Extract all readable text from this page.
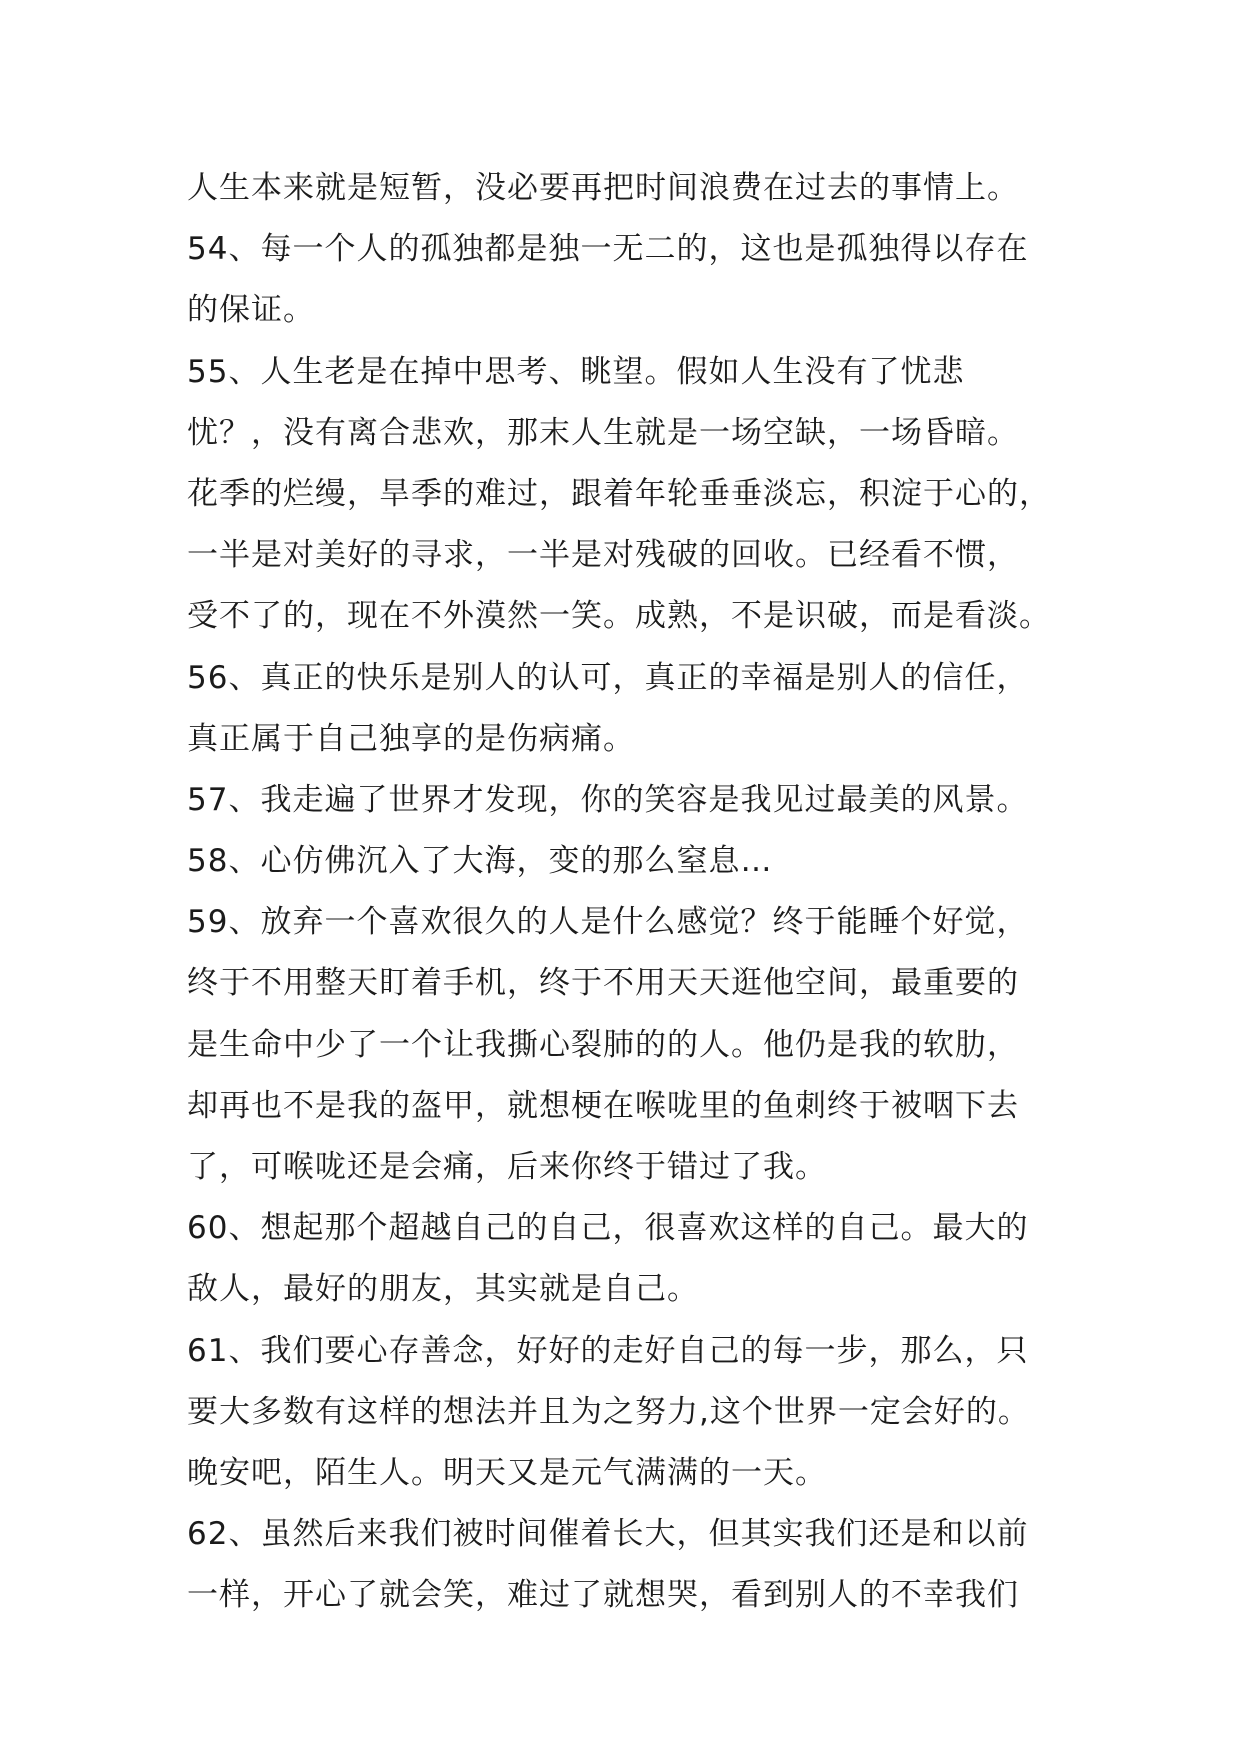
人生本来就是短暂，没必要再把时间浪费在过去的事情上。
54、每一个人的孤独都是独一无二的，这也是孤独得以存在
的保证。
55、人生老是在掉中思考、眺望。假如人生没有了忧悲
忧？，没有离合悲欢，那末人生就是一场空缺，一场昏暗。
花季的烂缦，旱季的难过，跟着年轮垂垂淡忘，积淀于心的，
一半是对美好的寻求，一半是对残破的回收。已经看不惯，
受不了的，现在不外漠然一笑。成熟，不是识破，而是看淡。
56、真正的快乐是别人的认可，真正的幸福是别人的信任，
真正属于自己独享的是伤病痛。
57、我走遍了世界才发现，你的笑容是我见过最美的风景。
58、心仿佛沉入了大海，变的那么窒息…
59、放弃一个喜欢很久的人是什么感觉？终于能睡个好觉，
终于不用整天盯着手机，终于不用天天逛他空间，最重要的
是生命中少了一个让我撕心裂肺的的人。他仍是我的软肋，
却再也不是我的盔甲，就想梗在喉咙里的鱼刺终于被咽下去
了，可喉咙还是会痛，后来你终于错过了我。
60、想起那个超越自己的自己，很喜欢这样的自己。最大的
敌人，最好的朋友，其实就是自己。
61、我们要心存善念，好好的走好自己的每一步，那么，只
要大多数有这样的想法并且为之努力,这个世界一定会好的。
晚安吧，陌生人。明天又是元气满满的一天。
62、虽然后来我们被时间催着长大，但其实我们还是和以前
一样，开心了就会笑，难过了就想哭，看到别人的不幸我们
